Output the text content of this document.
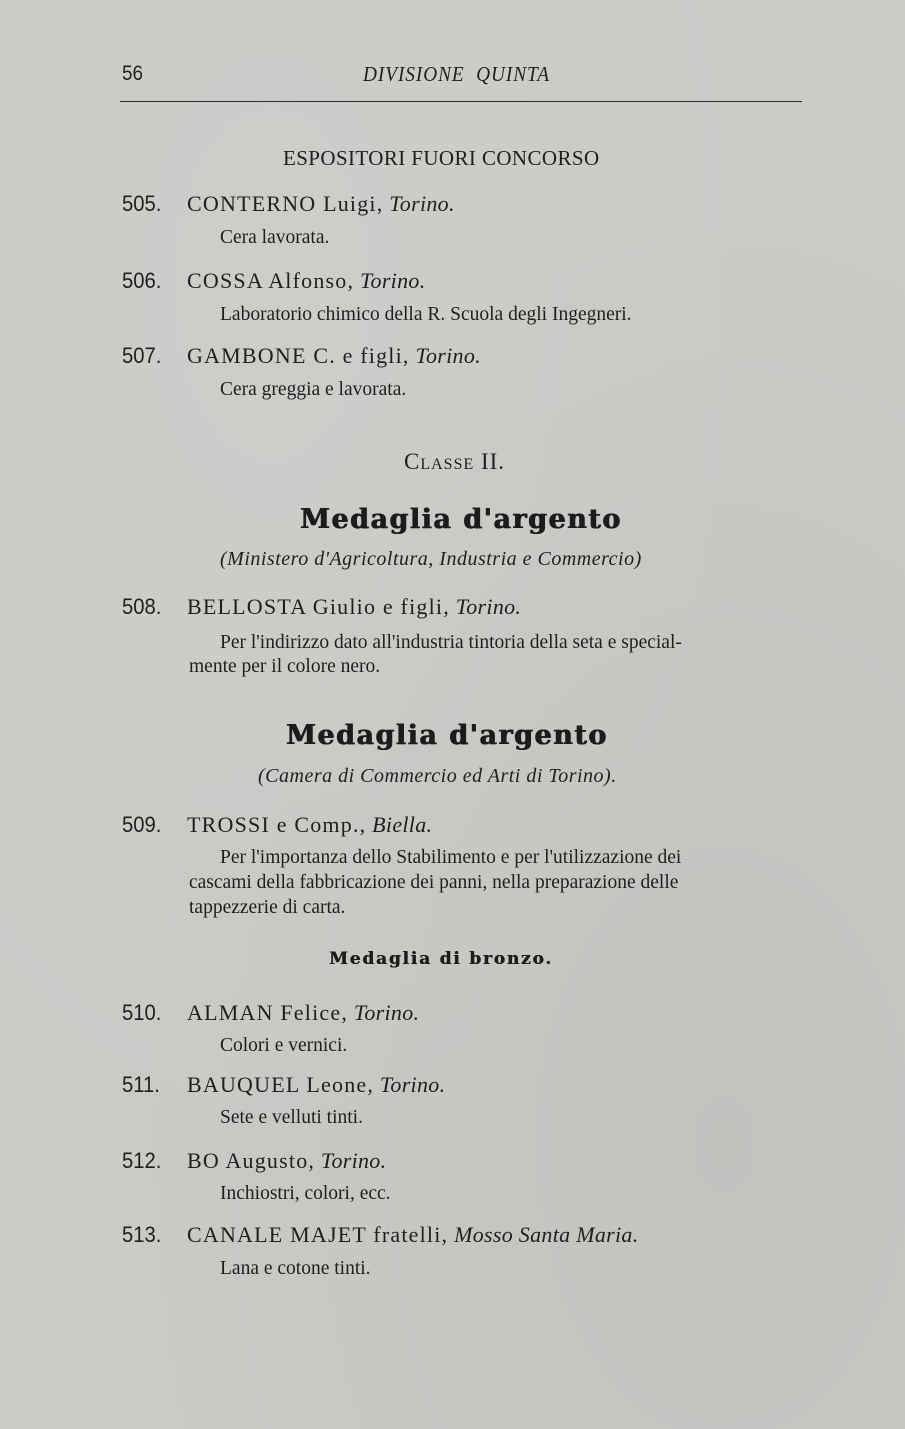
56	DIVISIONE  QUINTA
ESPOSITORI FUORI CONCORSO
505. CONTERNO Luigi, Torino.
Cera lavorata.
506. COSSA Alfonso, Torino.
Laboratorio chimico della R. Scuola degli Ingegneri.
507. GAMBONE C. e figli, Torino.
Cera greggia e lavorata.
Classe II.
Medaglia d'argento
(Ministero d'Agricoltura, Industria e Commercio)
508. BELLOSTA Giulio e figli, Torino.
Per l'indirizzo dato all'industria tintoria della seta e special-
mente per il colore nero.
Medaglia d'argento
(Camera di Commercio ed Arti di Torino).
509. TROSSI e Comp., Biella.
Per l'importanza dello Stabilimento e per l'utilizzazione dei
cascami della fabbricazione dei panni, nella preparazione delle
tappezzerie di carta.
Medaglia di bronzo.
510. ALMAN Felice, Torino.
Colori e vernici.
511. BAUQUEL Leone, Torino.
Sete e velluti tinti.
512. BO Augusto, Torino.
Inchiostri, colori, ecc.
513. CANALE MAJET fratelli, Mosso Santa Maria.
Lana e cotone tinti.
